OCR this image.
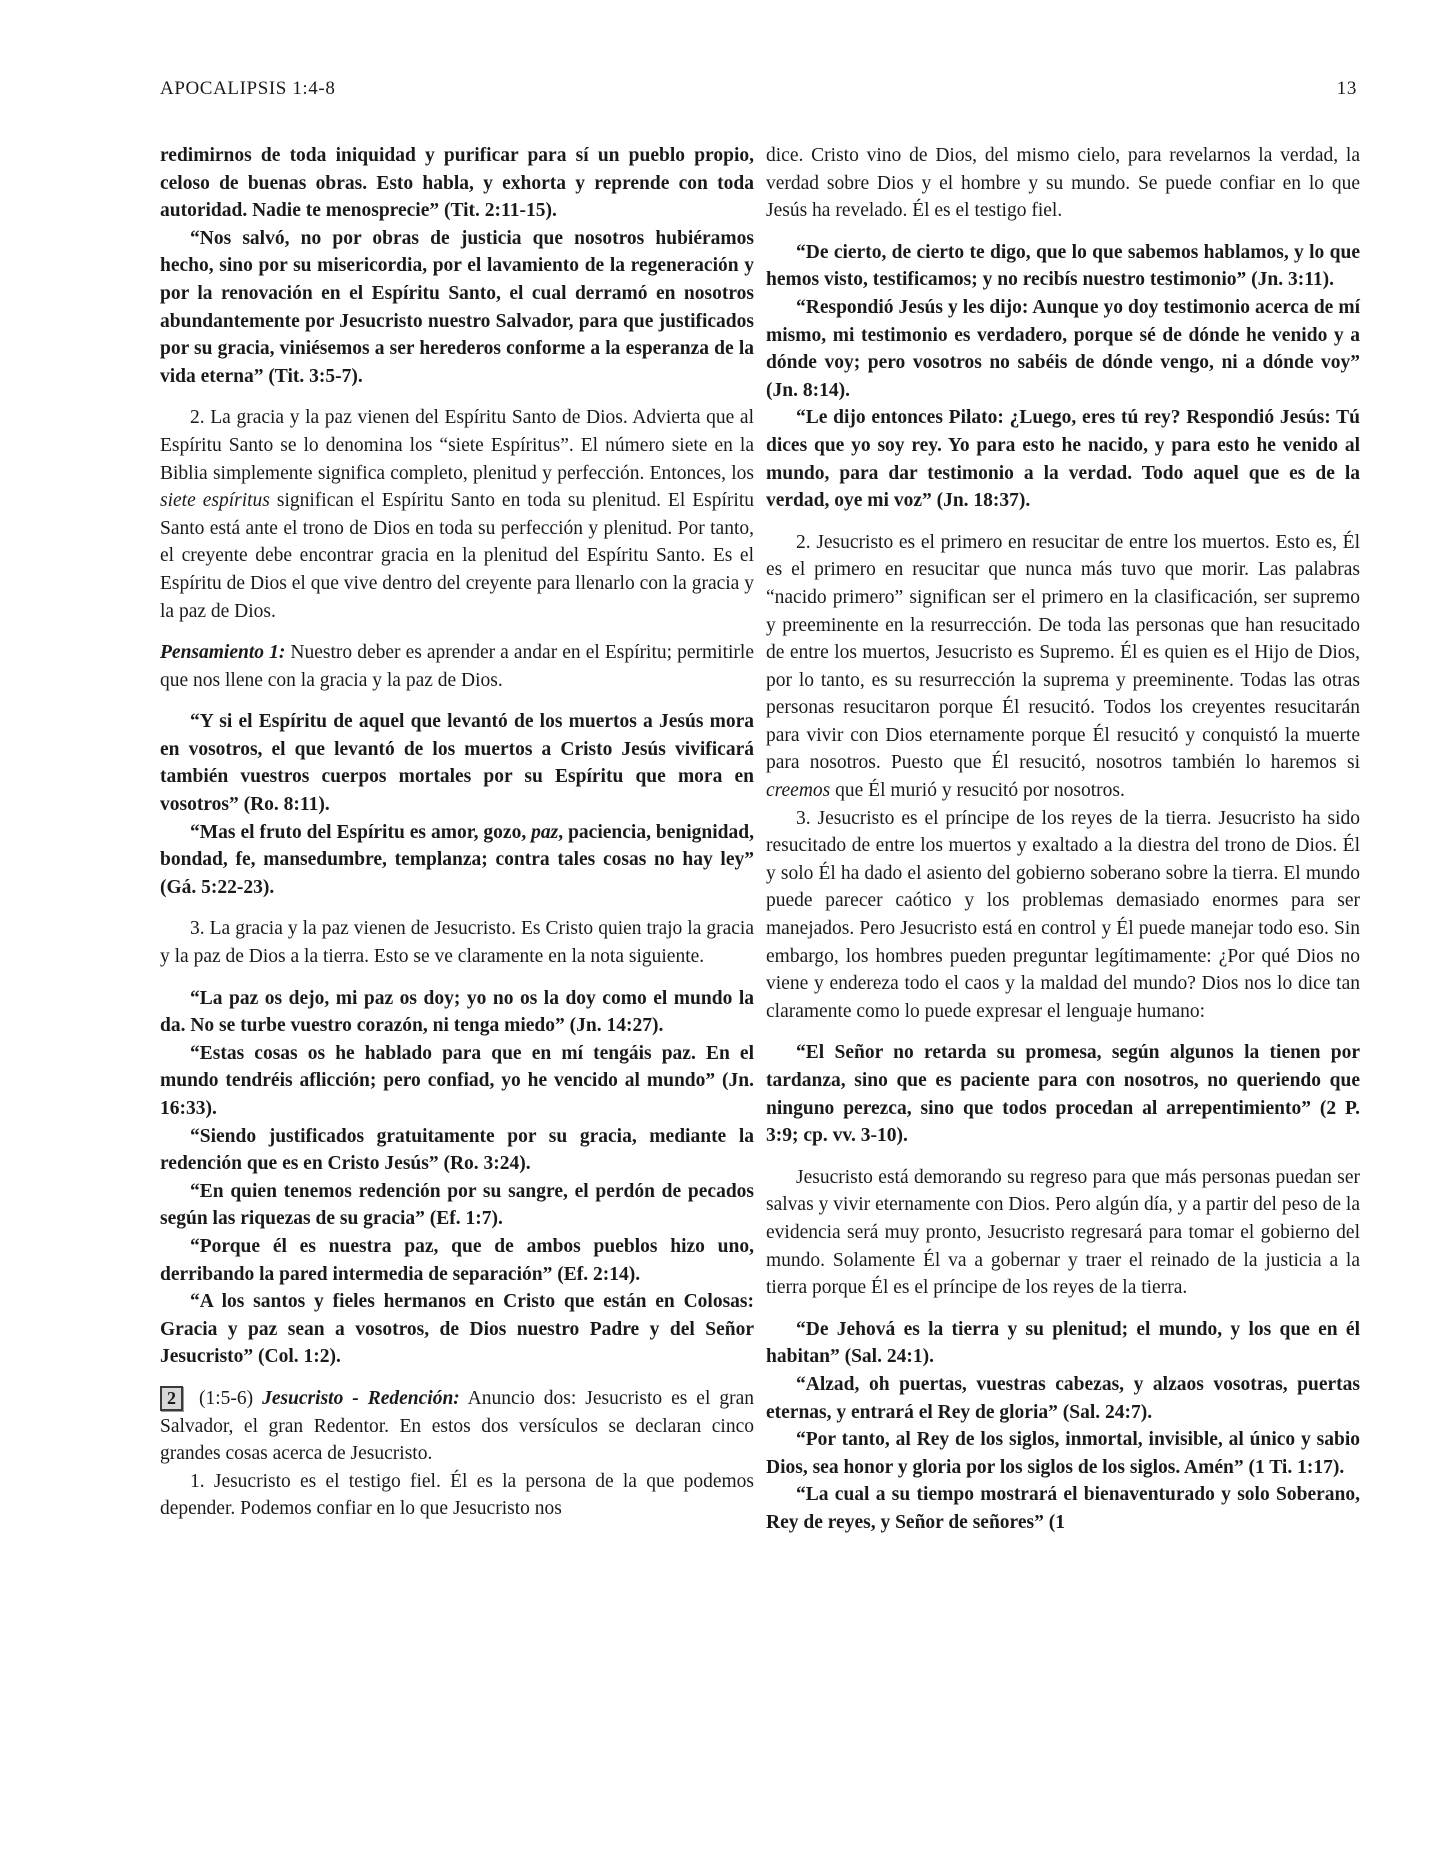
APOCALIPSIS 1:4-8	13

redimirnos de toda iniquidad y purificar para sí un pueblo propio, celoso de buenas obras. Esto habla, y exhorta y reprende con toda autoridad. Nadie te menosprecie” (Tit. 2:11-15).

“Nos salvó, no por obras de justicia que nosotros hubiéramos hecho, sino por su misericordia, por el lavamiento de la regeneración y por la renovación en el Espíritu Santo, el cual derramó en nosotros abundantemente por Jesucristo nuestro Salvador, para que justificados por su gracia, viniésemos a ser herederos conforme a la esperanza de la vida eterna” (Tit. 3:5-7).

2. La gracia y la paz vienen del Espíritu Santo de Dios. Advierta que al Espíritu Santo se lo denomina los “siete Espíritus”. El número siete en la Biblia simplemente significa completo, plenitud y perfección. Entonces, los siete espíritus significan el Espíritu Santo en toda su plenitud. El Espíritu Santo está ante el trono de Dios en toda su perfección y plenitud. Por tanto, el creyente debe encontrar gracia en la plenitud del Espíritu Santo. Es el Espíritu de Dios el que vive dentro del creyente para llenarlo con la gracia y la paz de Dios.

Pensamiento 1: Nuestro deber es aprender a andar en el Espíritu; permitirle que nos llene con la gracia y la paz de Dios.

“Y si el Espíritu de aquel que levantó de los muertos a Jesús mora en vosotros, el que levantó de los muertos a Cristo Jesús vivificará también vuestros cuerpos mortales por su Espíritu que mora en vosotros” (Ro. 8:11).

“Mas el fruto del Espíritu es amor, gozo, paz, paciencia, benignidad, bondad, fe, mansedumbre, templanza; contra tales cosas no hay ley” (Gá. 5:22-23).

3. La gracia y la paz vienen de Jesucristo. Es Cristo quien trajo la gracia y la paz de Dios a la tierra. Esto se ve claramente en la nota siguiente.

“La paz os dejo, mi paz os doy; yo no os la doy como el mundo la da. No se turbe vuestro corazón, ni tenga miedo” (Jn. 14:27).

“Estas cosas os he hablado para que en mí tengáis paz. En el mundo tendréis aflicción; pero confiad, yo he vencido al mundo” (Jn. 16:33).

“Siendo justificados gratuitamente por su gracia, mediante la redención que es en Cristo Jesús” (Ro. 3:24).

“En quien tenemos redención por su sangre, el perdón de pecados según las riquezas de su gracia” (Ef. 1:7).

“Porque él es nuestra paz, que de ambos pueblos hizo uno, derribando la pared intermedia de separación” (Ef. 2:14).

“A los santos y fieles hermanos en Cristo que están en Colosas: Gracia y paz sean a vosotros, de Dios nuestro Padre y del Señor Jesucristo” (Col. 1:2).

2 (1:5-6) Jesucristo - Redención: Anuncio dos: Jesucristo es el gran Salvador, el gran Redentor. En estos dos versículos se declaran cinco grandes cosas acerca de Jesucristo.

1. Jesucristo es el testigo fiel. Él es la persona de la que podemos depender. Podemos confiar en lo que Jesucristo nos

dice. Cristo vino de Dios, del mismo cielo, para revelarnos la verdad, la verdad sobre Dios y el hombre y su mundo. Se puede confiar en lo que Jesús ha revelado. Él es el testigo fiel.

“De cierto, de cierto te digo, que lo que sabemos hablamos, y lo que hemos visto, testificamos; y no recibís nuestro testimonio” (Jn. 3:11).

“Respondió Jesús y les dijo: Aunque yo doy testimonio acerca de mí mismo, mi testimonio es verdadero, porque sé de dónde he venido y a dónde voy; pero vosotros no sabéis de dónde vengo, ni a dónde voy” (Jn. 8:14).

“Le dijo entonces Pilato: ¿Luego, eres tú rey? Respondió Jesús: Tú dices que yo soy rey. Yo para esto he nacido, y para esto he venido al mundo, para dar testimonio a la verdad. Todo aquel que es de la verdad, oye mi voz” (Jn. 18:37).

2. Jesucristo es el primero en resucitar de entre los muertos. Esto es, Él es el primero en resucitar que nunca más tuvo que morir. Las palabras “nacido primero” significan ser el primero en la clasificación, ser supremo y preeminente en la resurrección. De toda las personas que han resucitado de entre los muertos, Jesucristo es Supremo. Él es quien es el Hijo de Dios, por lo tanto, es su resurrección la suprema y preeminente. Todas las otras personas resucitaron porque Él resucitó. Todos los creyentes resucitarán para vivir con Dios eternamente porque Él resucitó y conquistó la muerte para nosotros. Puesto que Él resucitó, nosotros también lo haremos si creemos que Él murió y resucitó por nosotros.

3. Jesucristo es el príncipe de los reyes de la tierra. Jesucristo ha sido resucitado de entre los muertos y exaltado a la diestra del trono de Dios. Él y solo Él ha dado el asiento del gobierno soberano sobre la tierra. El mundo puede parecer caótico y los problemas demasiado enormes para ser manejados. Pero Jesucristo está en control y Él puede manejar todo eso. Sin embargo, los hombres pueden preguntar legítimamente: ¿Por qué Dios no viene y endereza todo el caos y la maldad del mundo? Dios nos lo dice tan claramente como lo puede expresar el lenguaje humano:

“El Señor no retarda su promesa, según algunos la tienen por tardanza, sino que es paciente para con nosotros, no queriendo que ninguno perezca, sino que todos procedan al arrepentimiento” (2 P. 3:9; cp. vv. 3-10).

Jesucristo está demorando su regreso para que más personas puedan ser salvas y vivir eternamente con Dios. Pero algún día, y a partir del peso de la evidencia será muy pronto, Jesucristo regresará para tomar el gobierno del mundo. Solamente Él va a gobernar y traer el reinado de la justicia a la tierra porque Él es el príncipe de los reyes de la tierra.

“De Jehová es la tierra y su plenitud; el mundo, y los que en él habitan” (Sal. 24:1).

“Alzad, oh puertas, vuestras cabezas, y alzaos vosotras, puertas eternas, y entrará el Rey de gloria” (Sal. 24:7).

“Por tanto, al Rey de los siglos, inmortal, invisible, al único y sabio Dios, sea honor y gloria por los siglos de los siglos. Amén” (1 Ti. 1:17).

“La cual a su tiempo mostrará el bienaventurado y solo Soberano, Rey de reyes, y Señor de señores” (1
